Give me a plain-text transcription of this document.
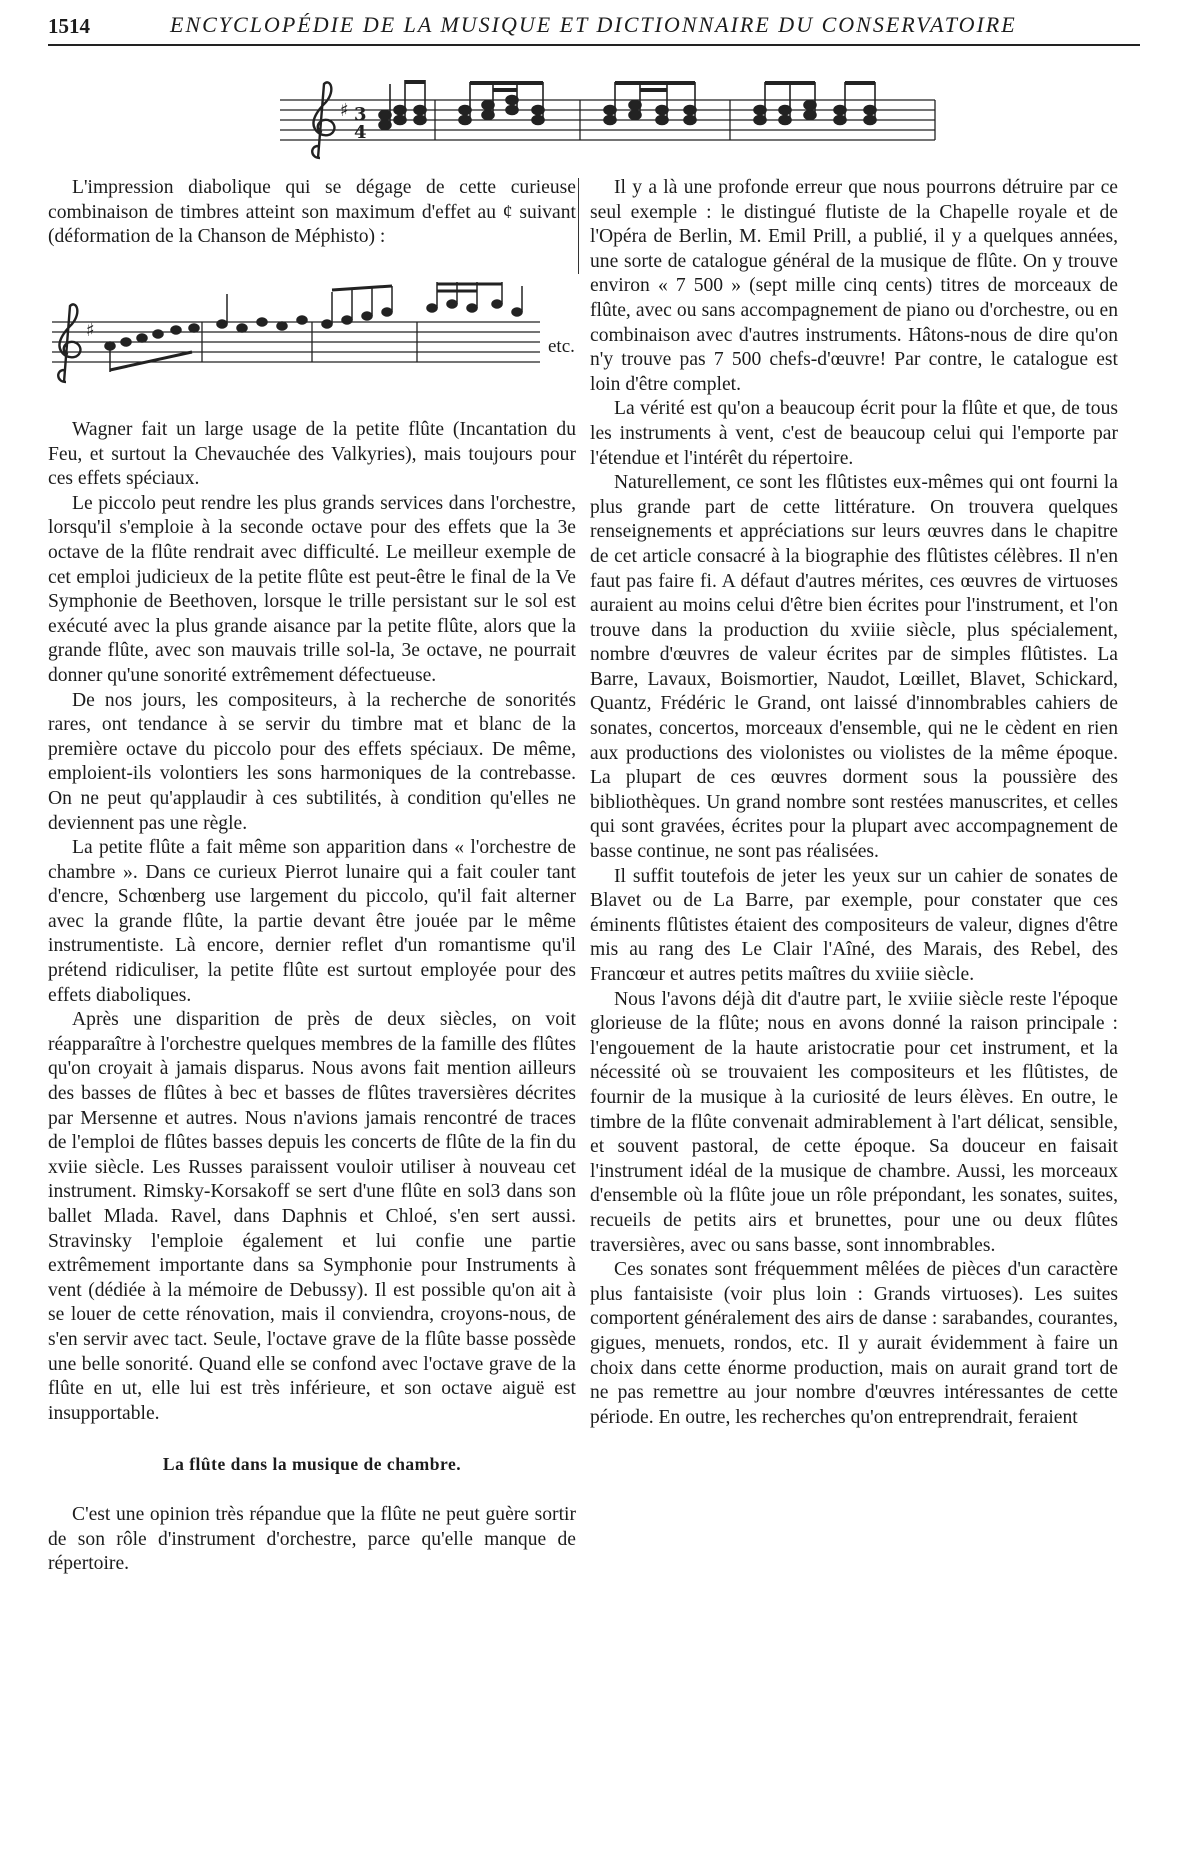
1514	ENCYCLOPÉDIE DE LA MUSIQUE ET DICTIONNAIRE DU CONSERVATOIRE
♯ 3
4

L'impression diabolique qui se dégage de cette curieuse combinaison de timbres atteint son maximum d'effet au ¢ suivant (déformation de la Chanson de Méphisto) :

♯
etc.

Wagner fait un large usage de la petite flûte (Incantation du Feu, et surtout la Chevauchée des Valkyries), mais toujours pour ces effets spéciaux.

Le piccolo peut rendre les plus grands services dans l'orchestre, lorsqu'il s'emploie à la seconde octave pour des effets que la 3e octave de la flûte rendrait avec difficulté. Le meilleur exemple de cet emploi judicieux de la petite flûte est peut-être le final de la Ve Symphonie de Beethoven, lorsque le trille persistant sur le sol est exécuté avec la plus grande aisance par la petite flûte, alors que la grande flûte, avec son mauvais trille sol-la, 3e octave, ne pourrait donner qu'une sonorité extrêmement défectueuse.

De nos jours, les compositeurs, à la recherche de sonorités rares, ont tendance à se servir du timbre mat et blanc de la première octave du piccolo pour des effets spéciaux. De même, emploient-ils volontiers les sons harmoniques de la contrebasse. On ne peut qu'applaudir à ces subtilités, à condition qu'elles ne deviennent pas une règle.

La petite flûte a fait même son apparition dans « l'orchestre de chambre ». Dans ce curieux Pierrot lunaire qui a fait couler tant d'encre, Schœnberg use largement du piccolo, qu'il fait alterner avec la grande flûte, la partie devant être jouée par le même instrumentiste. Là encore, dernier reflet d'un romantisme qu'il prétend ridiculiser, la petite flûte est surtout employée pour des effets diaboliques.

Après une disparition de près de deux siècles, on voit réapparaître à l'orchestre quelques membres de la famille des flûtes qu'on croyait à jamais disparus. Nous avons fait mention ailleurs des basses de flûtes à bec et basses de flûtes traversières décrites par Mersenne et autres. Nous n'avions jamais rencontré de traces de l'emploi de flûtes basses depuis les concerts de flûte de la fin du xviie siècle. Les Russes paraissent vouloir utiliser à nouveau cet instrument. Rimsky-Korsakoff se sert d'une flûte en sol3 dans son ballet Mlada. Ravel, dans Daphnis et Chloé, s'en sert aussi. Stravinsky l'emploie également et lui confie une partie extrêmement importante dans sa Symphonie pour Instruments à vent (dédiée à la mémoire de Debussy). Il est possible qu'on ait à se louer de cette rénovation, mais il conviendra, croyons-nous, de s'en servir avec tact. Seule, l'octave grave de la flûte basse possède une belle sonorité. Quand elle se confond avec l'octave grave de la flûte en ut, elle lui est très inférieure, et son octave aiguë est insupportable.

La flûte dans la musique de chambre.

C'est une opinion très répandue que la flûte ne peut guère sortir de son rôle d'instrument d'orchestre, parce qu'elle manque de répertoire.

Il y a là une profonde erreur que nous pourrons détruire par ce seul exemple : le distingué flutiste de la Chapelle royale et de l'Opéra de Berlin, M. Emil Prill, a publié, il y a quelques années, une sorte de catalogue général de la musique de flûte. On y trouve environ « 7 500 » (sept mille cinq cents) titres de morceaux de flûte, avec ou sans accompagnement de piano ou d'orchestre, ou en combinaison avec d'autres instruments. Hâtons-nous de dire qu'on n'y trouve pas 7 500 chefs-d'œuvre! Par contre, le catalogue est loin d'être complet.

La vérité est qu'on a beaucoup écrit pour la flûte et que, de tous les instruments à vent, c'est de beaucoup celui qui l'emporte par l'étendue et l'intérêt du répertoire.

Naturellement, ce sont les flûtistes eux-mêmes qui ont fourni la plus grande part de cette littérature. On trouvera quelques renseignements et appréciations sur leurs œuvres dans le chapitre de cet article consacré à la biographie des flûtistes célèbres. Il n'en faut pas faire fi. A défaut d'autres mérites, ces œuvres de virtuoses auraient au moins celui d'être bien écrites pour l'instrument, et l'on trouve dans la production du xviiie siècle, plus spécialement, nombre d'œuvres de valeur écrites par de simples flûtistes. La Barre, Lavaux, Boismortier, Naudot, Lœillet, Blavet, Schickard, Quantz, Frédéric le Grand, ont laissé d'innombrables cahiers de sonates, concertos, morceaux d'ensemble, qui ne le cèdent en rien aux productions des violonistes ou violistes de la même époque. La plupart de ces œuvres dorment sous la poussière des bibliothèques. Un grand nombre sont restées manuscrites, et celles qui sont gravées, écrites pour la plupart avec accompagnement de basse continue, ne sont pas réalisées.

Il suffit toutefois de jeter les yeux sur un cahier de sonates de Blavet ou de La Barre, par exemple, pour constater que ces éminents flûtistes étaient des compositeurs de valeur, dignes d'être mis au rang des Le Clair l'Aîné, des Marais, des Rebel, des Francœur et autres petits maîtres du xviiie siècle.

Nous l'avons déjà dit d'autre part, le xviiie siècle reste l'époque glorieuse de la flûte; nous en avons donné la raison principale : l'engouement de la haute aristocratie pour cet instrument, et la nécessité où se trouvaient les compositeurs et les flûtistes, de fournir de la musique à la curiosité de leurs élèves. En outre, le timbre de la flûte convenait admirablement à l'art délicat, sensible, et souvent pastoral, de cette époque. Sa douceur en faisait l'instrument idéal de la musique de chambre. Aussi, les morceaux d'ensemble où la flûte joue un rôle prépondant, les sonates, suites, recueils de petits airs et brunettes, pour une ou deux flûtes traversières, avec ou sans basse, sont innombrables.

Ces sonates sont fréquemment mêlées de pièces d'un caractère plus fantaisiste (voir plus loin : Grands virtuoses). Les suites comportent généralement des airs de danse : sarabandes, courantes, gigues, menuets, rondos, etc. Il y aurait évidemment à faire un choix dans cette énorme production, mais on aurait grand tort de ne pas remettre au jour nombre d'œuvres intéressantes de cette période. En outre, les recherches qu'on entreprendrait, feraient
